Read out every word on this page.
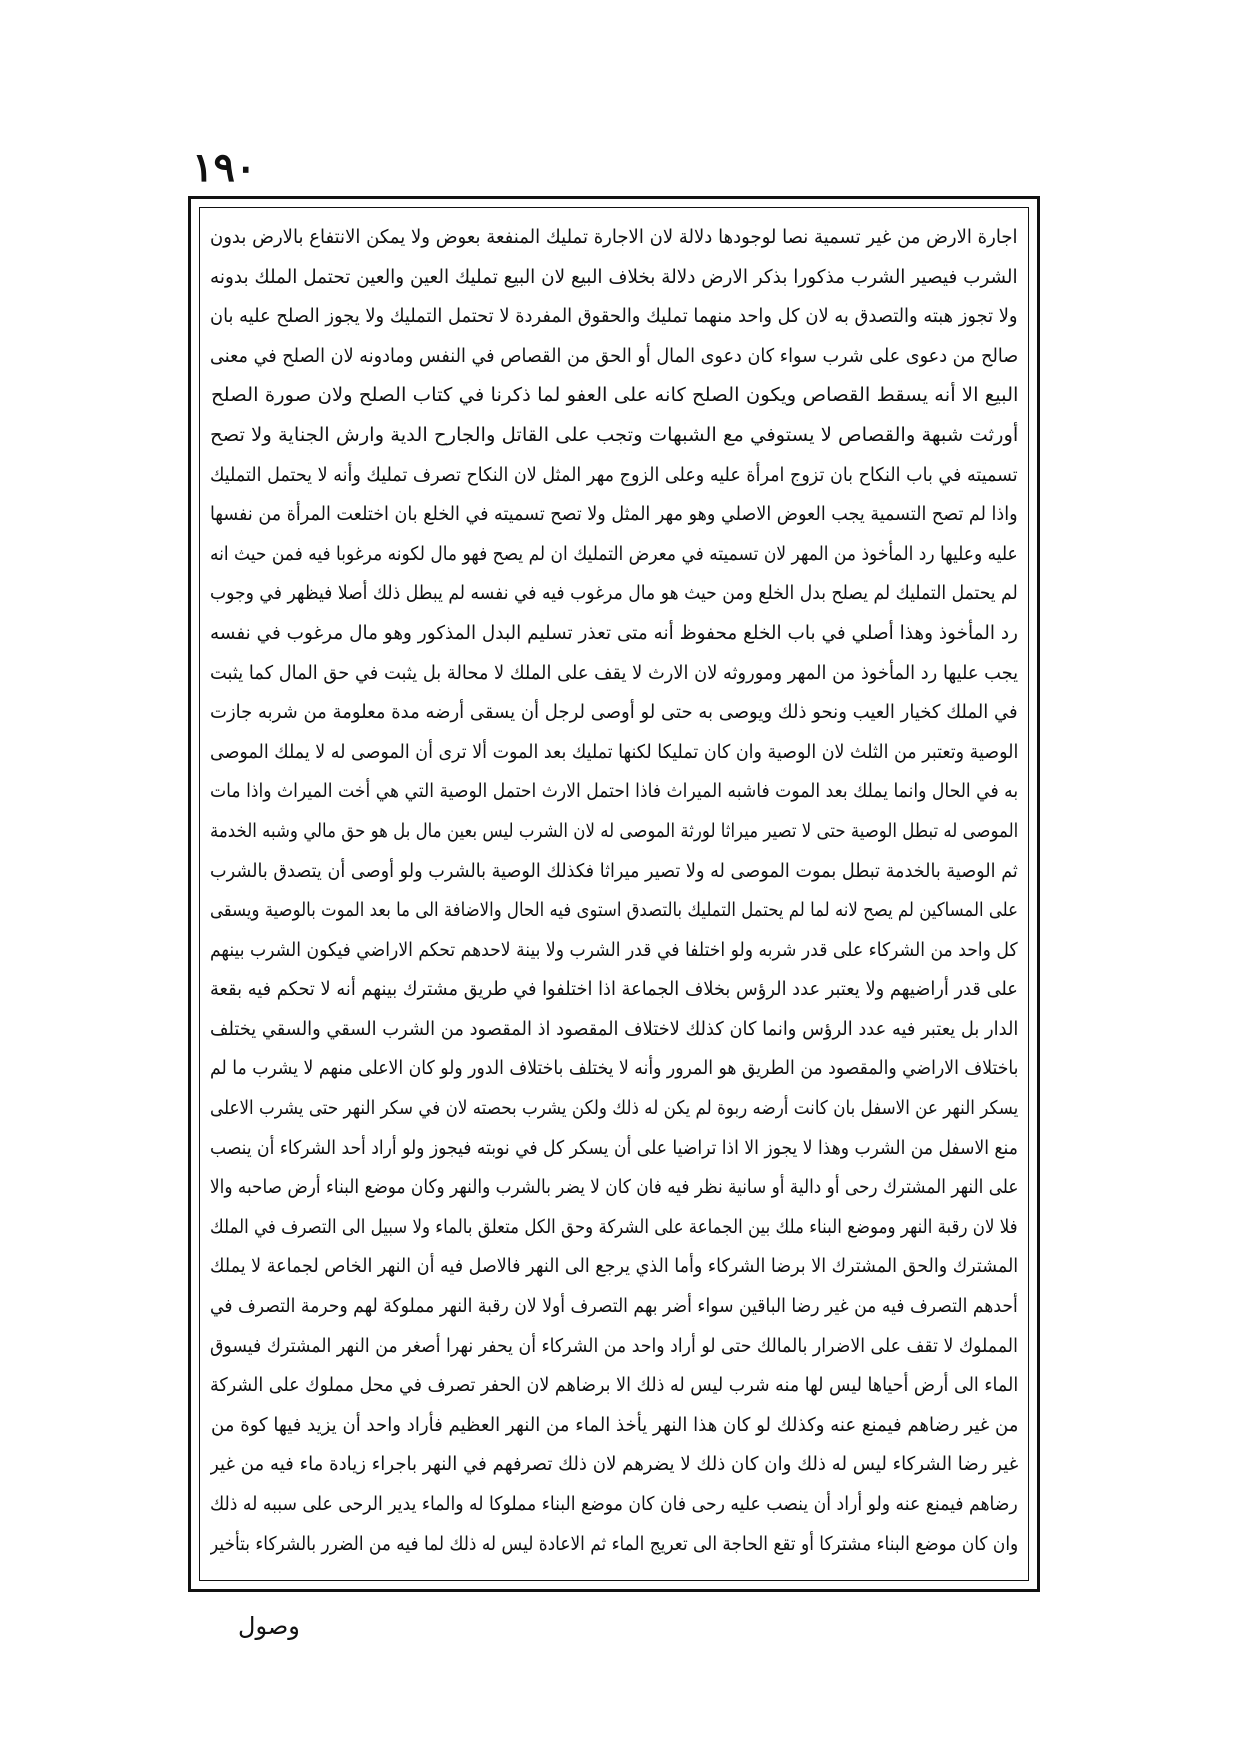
١٩٠
اجارة الارض من غير تسمية نصا لوجودها دلالة لان الاجارة تمليك المنفعة بعوض ولا يمكن الانتفاع بالارض بدون
الشرب فيصير الشرب مذكورا بذكر الارض دلالة بخلاف البيع لان البيع تمليك العين والعين تحتمل الملك بدونه
ولا تجوز هبته والتصدق به لان كل واحد منهما تمليك والحقوق المفردة لا تحتمل التمليك ولا يجوز الصلح عليه بان
صالح من دعوى على شرب سواء كان دعوى المال أو الحق من القصاص في النفس ومادونه لان الصلح في معنى
البيع الا أنه يسقط القصاص ويكون الصلح كانه على العفو لما ذكرنا في كتاب الصلح ولان صورة الصلح
أورثت شبهة والقصاص لا يستوفي مع الشبهات وتجب على القاتل والجارح الدية وارش الجناية ولا تصح
تسميته في باب النكاح بان تزوج امرأة عليه وعلى الزوج مهر المثل لان النكاح تصرف تمليك وأنه لا يحتمل التمليك
واذا لم تصح التسمية يجب العوض الاصلي وهو مهر المثل ولا تصح تسميته في الخلع بان اختلعت المرأة من نفسها
عليه وعليها رد المأخوذ من المهر لان تسميته في معرض التمليك ان لم يصح فهو مال لكونه مرغوبا فيه فمن حيث انه
لم يحتمل التمليك لم يصلح بدل الخلع ومن حيث هو مال مرغوب فيه في نفسه لم يبطل ذلك أصلا فيظهر في وجوب
رد المأخوذ وهذا أصلي في باب الخلع محفوظ أنه متى تعذر تسليم البدل المذكور وهو مال مرغوب في نفسه
يجب عليها رد المأخوذ من المهر وموروثه لان الارث لا يقف على الملك لا محالة بل يثبت في حق المال كما يثبت
في الملك كخيار العيب ونحو ذلك ويوصى به حتى لو أوصى لرجل أن يسقى أرضه مدة معلومة من شربه جازت
الوصية وتعتبر من الثلث لان الوصية وان كان تمليكا لكنها تمليك بعد الموت ألا ترى أن الموصى له لا يملك الموصى
به في الحال وانما يملك بعد الموت فاشبه الميراث فاذا احتمل الارث احتمل الوصية التي هي أخت الميراث واذا مات
الموصى له تبطل الوصية حتى لا تصير ميراثا لورثة الموصى له لان الشرب ليس بعين مال بل هو حق مالي وشبه الخدمة
ثم الوصية بالخدمة تبطل بموت الموصى له ولا تصير ميراثا فكذلك الوصية بالشرب ولو أوصى أن يتصدق بالشرب
على المساكين لم يصح لانه لما لم يحتمل التمليك بالتصدق استوى فيه الحال والاضافة الى ما بعد الموت بالوصية ويسقى
كل واحد من الشركاء على قدر شربه ولو اختلفا في قدر الشرب ولا بينة لاحدهم تحكم الاراضي فيكون الشرب بينهم
على قدر أراضيهم ولا يعتبر عدد الرؤس بخلاف الجماعة اذا اختلفوا في طريق مشترك بينهم أنه لا تحكم فيه بقعة
الدار بل يعتبر فيه عدد الرؤس وانما كان كذلك لاختلاف المقصود اذ المقصود من الشرب السقي والسقي يختلف
باختلاف الاراضي والمقصود من الطريق هو المرور وأنه لا يختلف باختلاف الدور ولو كان الاعلى منهم لا يشرب ما لم
يسكر النهر عن الاسفل بان كانت أرضه ربوة لم يكن له ذلك ولكن يشرب بحصته لان في سكر النهر حتى يشرب الاعلى
منع الاسفل من الشرب وهذا لا يجوز الا اذا تراضيا على أن يسكر كل في نوبته فيجوز ولو أراد أحد الشركاء أن ينصب
على النهر المشترك رحى أو دالية أو سانية نظر فيه فان كان لا يضر بالشرب والنهر وكان موضع البناء أرض صاحبه والا
فلا لان رقبة النهر وموضع البناء ملك بين الجماعة على الشركة وحق الكل متعلق بالماء ولا سبيل الى التصرف في الملك
المشترك والحق المشترك الا برضا الشركاء وأما الذي يرجع الى النهر فالاصل فيه أن النهر الخاص لجماعة لا يملك
أحدهم التصرف فيه من غير رضا الباقين سواء أضر بهم التصرف أولا لان رقبة النهر مملوكة لهم وحرمة التصرف في
المملوك لا تقف على الاضرار بالمالك حتى لو أراد واحد من الشركاء أن يحفر نهرا أصغر من النهر المشترك فيسوق
الماء الى أرض أحياها ليس لها منه شرب ليس له ذلك الا برضاهم لان الحفر تصرف في محل مملوك على الشركة
من غير رضاهم فيمنع عنه وكذلك لو كان هذا النهر يأخذ الماء من النهر العظيم فأراد واحد أن يزيد فيها كوة من
غير رضا الشركاء ليس له ذلك وان كان ذلك لا يضرهم لان ذلك تصرفهم في النهر باجراء زيادة ماء فيه من غير
رضاهم فيمنع عنه ولو أراد أن ينصب عليه رحى فان كان موضع البناء مملوكا له والماء يدير الرحى على سببه له ذلك
وان كان موضع البناء مشتركا أو تقع الحاجة الى تعريج الماء ثم الاعادة ليس له ذلك لما فيه من الضرر بالشركاء بتأخير
وصول
